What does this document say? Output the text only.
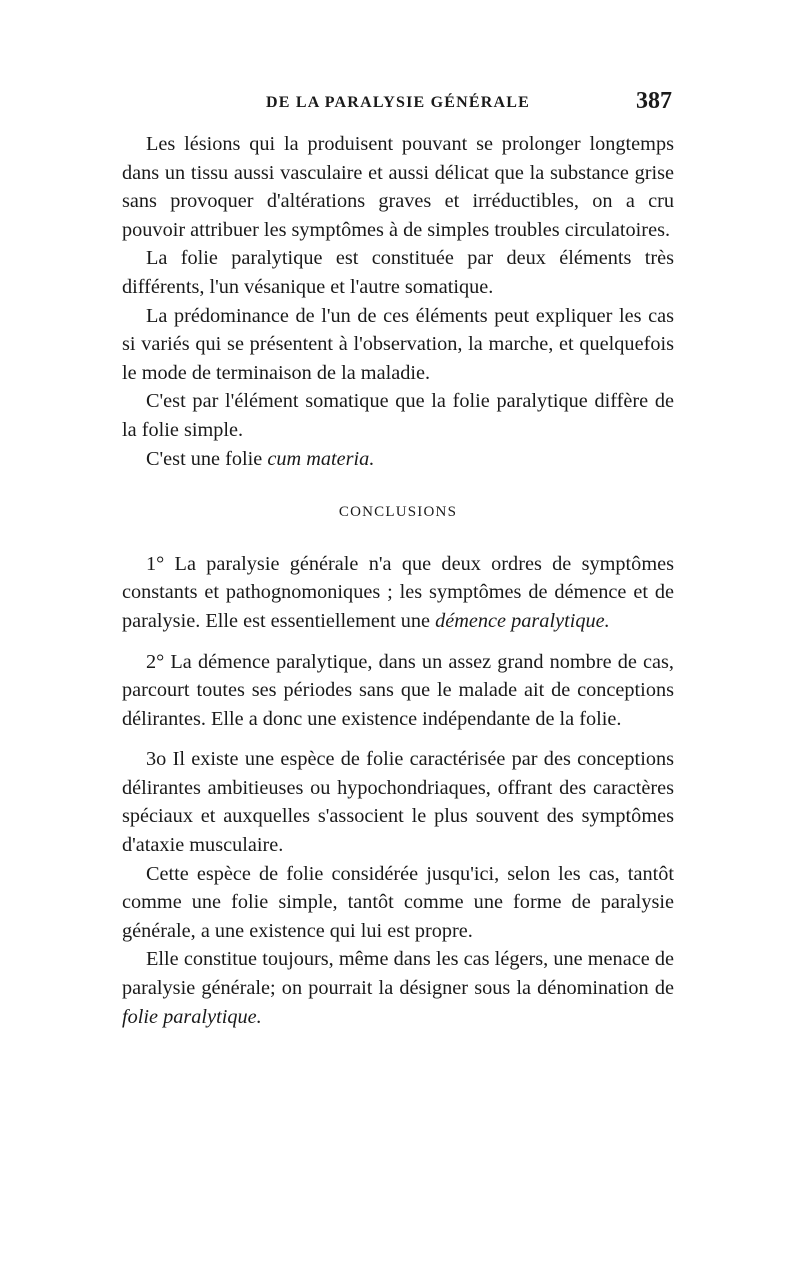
DE LA PARALYSIE GÉNÉRALE	387

Les lésions qui la produisent pouvant se prolonger longtemps dans un tissu aussi vasculaire et aussi délicat que la substance grise sans provoquer d'altérations graves et irréductibles, on a cru pouvoir attribuer les symptômes à de simples troubles circulatoires.

La folie paralytique est constituée par deux éléments très différents, l'un vésanique et l'autre somatique.

La prédominance de l'un de ces éléments peut expliquer les cas si variés qui se présentent à l'observation, la marche, et quelquefois le mode de terminaison de la maladie.

C'est par l'élément somatique que la folie paralytique diffère de la folie simple.

C'est une folie cum materia.

CONCLUSIONS

1° La paralysie générale n'a que deux ordres de symptômes constants et pathognomoniques ; les symptômes de démence et de paralysie. Elle est essentiellement une démence paralytique.

2° La démence paralytique, dans un assez grand nombre de cas, parcourt toutes ses périodes sans que le malade ait de conceptions délirantes. Elle a donc une existence indépendante de la folie.

3o Il existe une espèce de folie caractérisée par des conceptions délirantes ambitieuses ou hypochondriaques, offrant des caractères spéciaux et auxquelles s'associent le plus souvent des symptômes d'ataxie musculaire.

Cette espèce de folie considérée jusqu'ici, selon les cas, tantôt comme une folie simple, tantôt comme une forme de paralysie générale, a une existence qui lui est propre.

Elle constitue toujours, même dans les cas légers, une menace de paralysie générale; on pourrait la désigner sous la dénomination de folie paralytique.
